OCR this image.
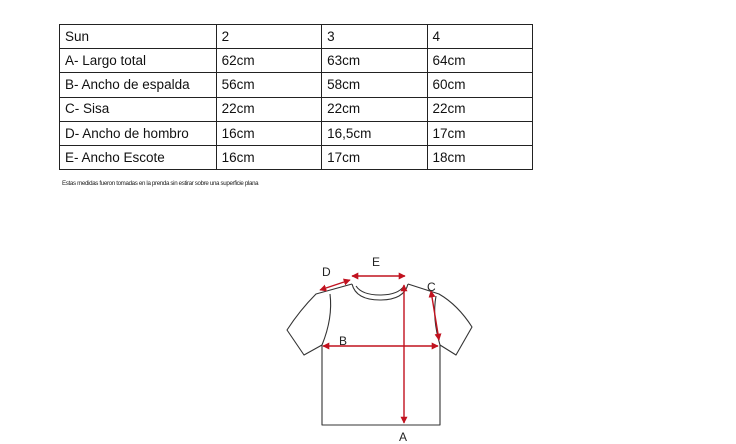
Sun	2	3	4
A- Largo total	62cm	63cm	64cm
B- Ancho de espalda	56cm	58cm	60cm
C- Sisa	22cm	22cm	22cm
D- Ancho de hombro	16cm	16,5cm	17cm
E- Ancho Escote	16cm	17cm	18cm
Estas medidas fueron tomadas en la prenda sin estirar sobre una superficie plana
A
B
C
D
E
